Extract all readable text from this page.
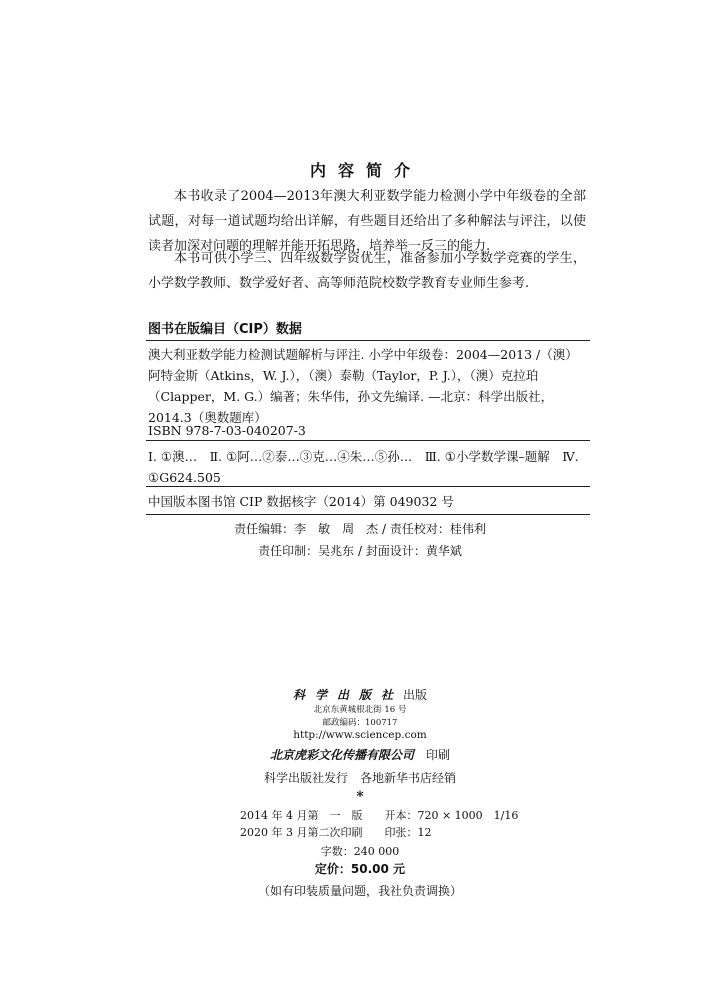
内容简介

本书收录了2004—2013年澳大利亚数学能力检测小学中年级卷的全部试题，对每一道试题均给出详解，有些题目还给出了多种解法与评注，以使读者加深对问题的理解并能开拓思路，培养举一反三的能力.

本书可供小学三、四年级数学资优生，准备参加小学数学竞赛的学生，小学数学教师、数学爱好者、高等师范院校数学教育专业师生参考.

图书在版编目（CIP）数据

澳大利亚数学能力检测试题解析与评注. 小学中年级卷：2004—2013 /（澳）阿特金斯（Atkins，W. J.），（澳）泰勒（Taylor，P. J.），（澳）克拉珀（Clapper，M. G.）编著；朱华伟，孙文先编译. —北京：科学出版社，2014.3（奥数题库）

ISBN 978-7-03-040207-3

Ⅰ. ①澳…　Ⅱ. ①阿…②泰…③克…④朱…⑤孙…　Ⅲ. ①小学数学课–题解　Ⅳ. ①G624.505

中国版本图书馆 CIP 数据核字（2014）第 049032 号

责任编辑：李　敏　周　杰 / 责任校对：桂伟利
责任印制：吴兆东 / 封面设计：黄华斌

科学出版社出版

北京东黄城根北街 16 号

邮政编码：100717

http://www.sciencep.com

北京虎彩文化传播有限公司　 印刷

科学出版社发行　各地新华书店经销

*

2014 年 4 月第　一　版　　开本：720 × 1000　1/16
2020 年 3 月第二次印刷　　印张：12

字数：240 000

定价：50.00 元

（如有印装质量问题，我社负责调换）
